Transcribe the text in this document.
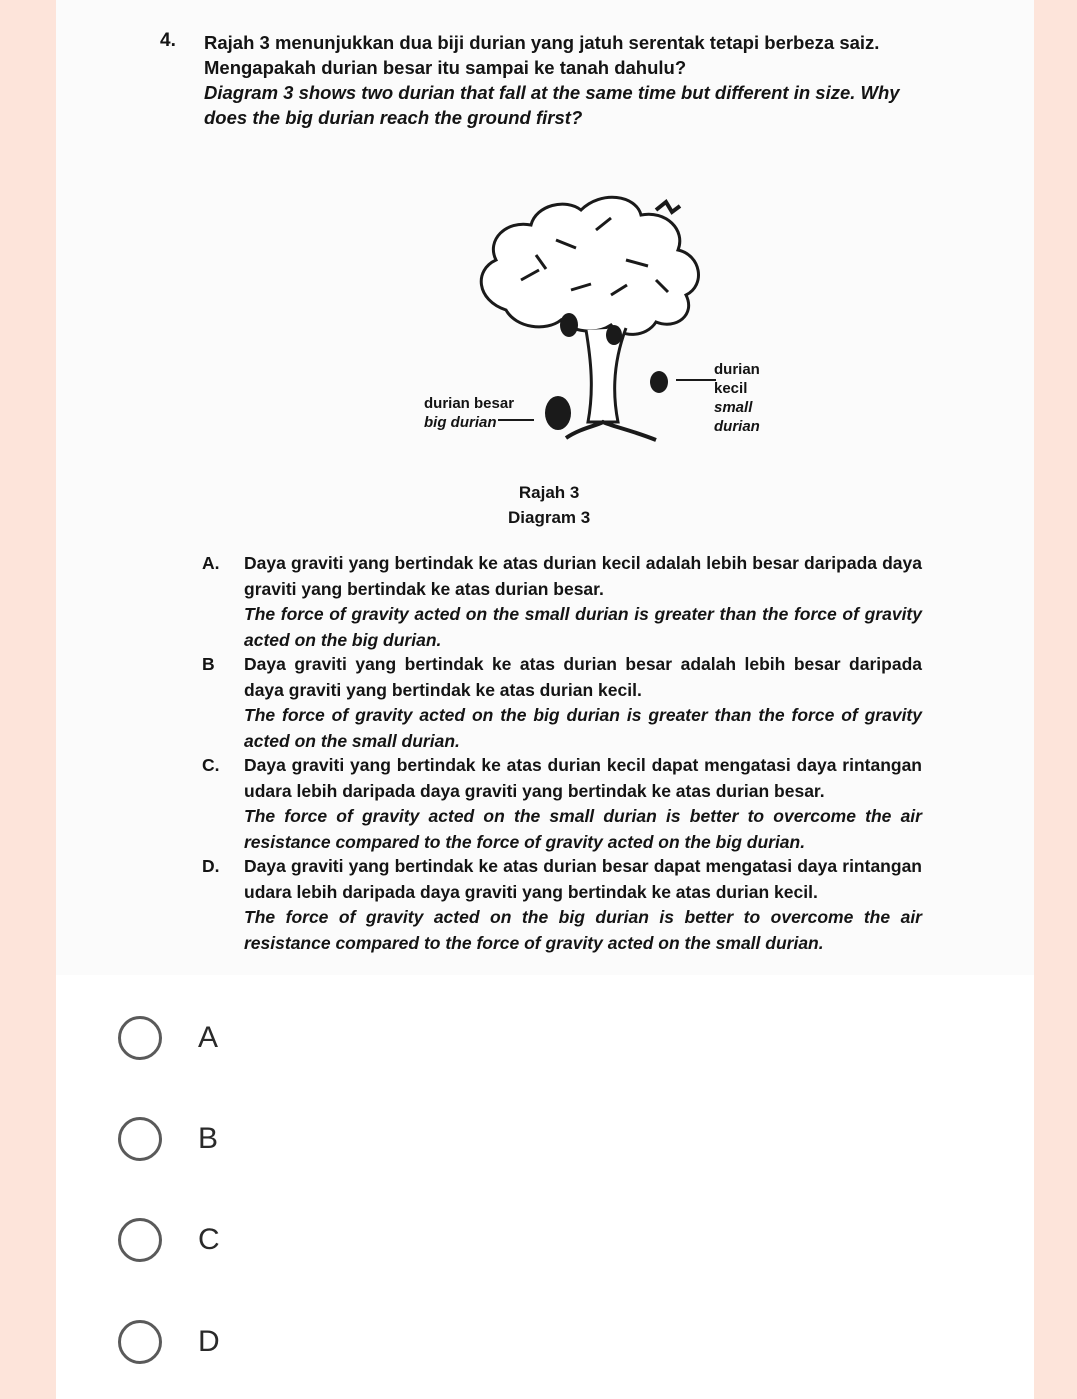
4. Rajah 3 menunjukkan dua biji durian yang jatuh serentak tetapi berbeza saiz. Mengapakah durian besar itu sampai ke tanah dahulu?

Diagram 3 shows two durian that fall at the same time but different in size. Why does the big durian reach the ground first?

durian kecil
small durian
durian besar
big durian
Rajah 3
Diagram 3
A. Daya graviti yang bertindak ke atas durian kecil adalah lebih besar daripada daya graviti yang bertindak ke atas durian besar.
The force of gravity acted on the small durian is greater than the force of gravity acted on the big durian.
B Daya graviti yang bertindak ke atas durian besar adalah lebih besar daripada daya graviti yang bertindak ke atas durian kecil.
The force of gravity acted on the big durian is greater than the force of gravity acted on the small durian.
C. Daya graviti yang bertindak ke atas durian kecil dapat mengatasi daya rintangan udara lebih daripada daya graviti yang bertindak ke atas durian besar.
The force of gravity acted on the small durian is better to overcome the air resistance compared to the force of gravity acted on the big durian.
D. Daya graviti yang bertindak ke atas durian besar dapat mengatasi daya rintangan udara lebih daripada daya graviti yang bertindak ke atas durian kecil.
The force of gravity acted on the big durian is better to overcome the air resistance compared to the force of gravity acted on the small durian.
A
B
C
D
